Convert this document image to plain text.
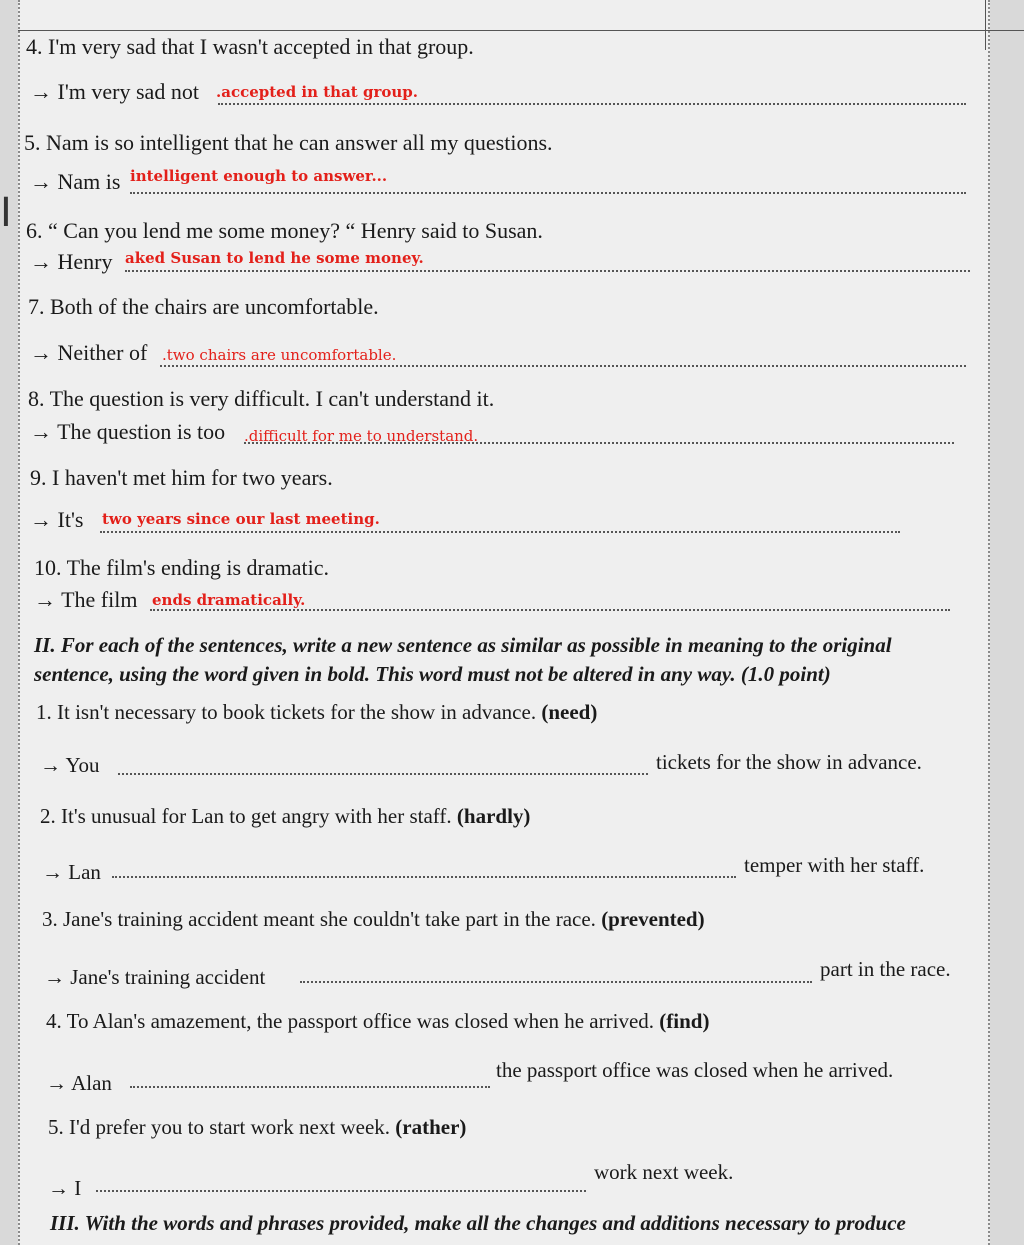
I
4. I'm very sad that I wasn't accepted in that group.
→ I'm very sad not .accepted in that group.
5. Nam is so intelligent that he can answer all my questions.
→ Nam is intelligent enough to answer...
6. “ Can you lend me some money? “ Henry said to Susan.
→ Henry aked Susan to lend he some money.
7. Both of the chairs are uncomfortable.
→ Neither of .two chairs are uncomfortable.
8. The question is very difficult. I can't understand it.
→ The question is too .difficult for me to understand.
9. I haven't met him for two years.
→ It's two years since our last meeting.
10. The film's ending is dramatic.
→ The film ends dramatically.
II. For each of the sentences, write a new sentence as similar as possible in meaning to the original
sentence, using the word given in bold. This word must not be altered in any way. (1.0 point)
1. It isn't necessary to book tickets for the show in advance. (need)
→ You	tickets for the show in advance.
2. It's unusual for Lan to get angry with her staff. (hardly)
→ Lan	temper with her staff.
3. Jane's training accident meant she couldn't take part in the race. (prevented)
→ Jane's training accident	part in the race.
4. To Alan's amazement, the passport office was closed when he arrived. (find)
→ Alan
the passport office was closed when he arrived.
5. I'd prefer you to start work next week. (rather)
→ I
work next week.
III. With the words and phrases provided, make all the changes and additions necessary to produce
